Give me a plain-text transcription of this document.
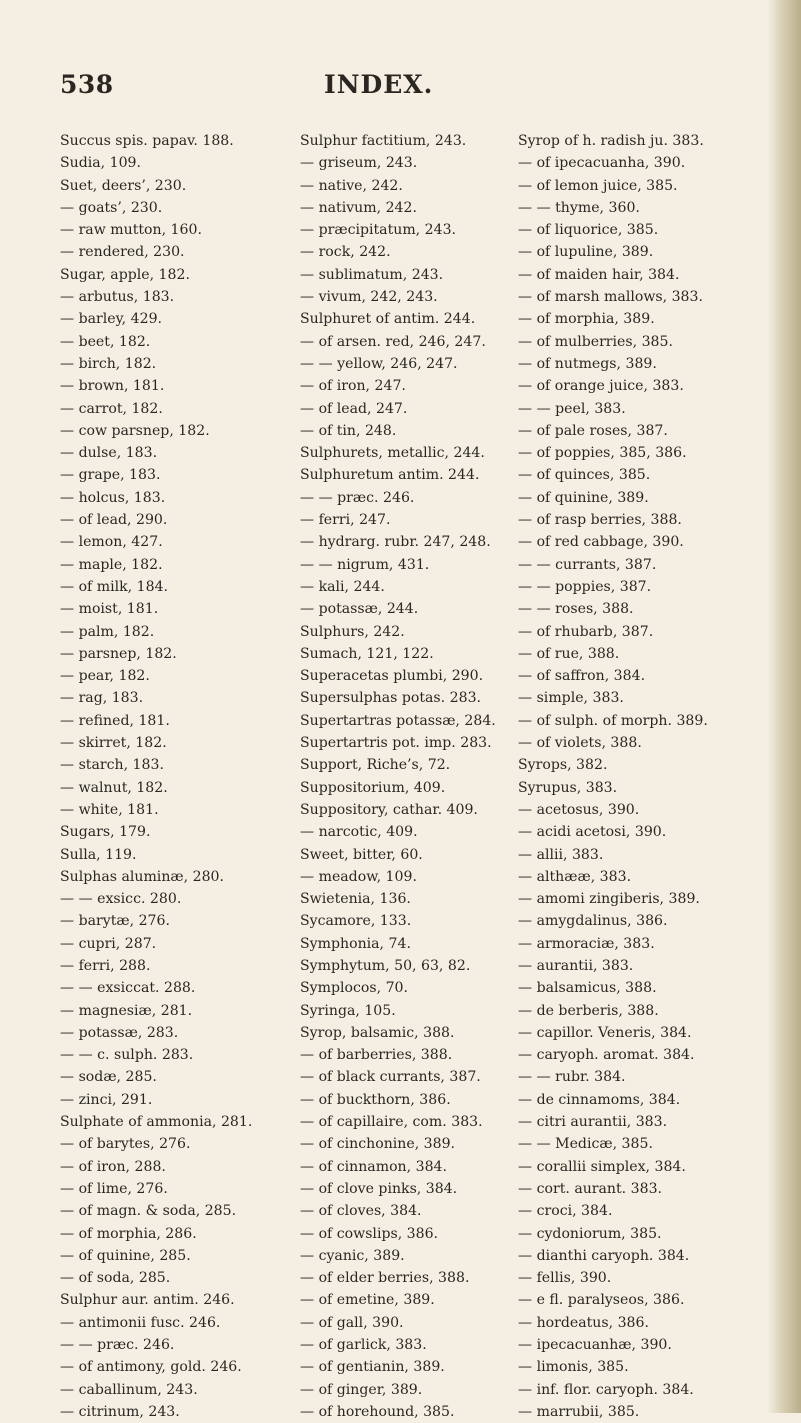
538	INDEX.
Succus spis. papav. 188.
Sudia, 109.
Suet, deers’, 230.
— goats’, 230.
— raw mutton, 160.
— rendered, 230.
Sugar, apple, 182.
— arbutus, 183.
— barley, 429.
— beet, 182.
— birch, 182.
— brown, 181.
— carrot, 182.
— cow parsnep, 182.
— dulse, 183.
— grape, 183.
— holcus, 183.
— of lead, 290.
— lemon, 427.
— maple, 182.
— of milk, 184.
— moist, 181.
— palm, 182.
— parsnep, 182.
— pear, 182.
— rag, 183.
— refined, 181.
— skirret, 182.
— starch, 183.
— walnut, 182.
— white, 181.
Sugars, 179.
Sulla, 119.
Sulphas aluminæ, 280.
— — exsicc. 280.
— barytæ, 276.
— cupri, 287.
— ferri, 288.
— — exsiccat. 288.
— magnesiæ, 281.
— potassæ, 283.
— — c. sulph. 283.
— sodæ, 285.
— zinci, 291.
Sulphate of ammonia, 281.
— of barytes, 276.
— of iron, 288.
— of lime, 276.
— of magn. & soda, 285.
— of morphia, 286.
— of quinine, 285.
— of soda, 285.
Sulphur aur. antim. 246.
— antimonii fusc. 246.
— — præc. 246.
— of antimony, gold. 246.
— caballinum, 243.
— citrinum, 243.
Sulphur factitium, 243.
— griseum, 243.
— native, 242.
— nativum, 242.
— præcipitatum, 243.
— rock, 242.
— sublimatum, 243.
— vivum, 242, 243.
Sulphuret of antim. 244.
— of arsen. red, 246, 247.
— — yellow, 246, 247.
— of iron, 247.
— of lead, 247.
— of tin, 248.
Sulphurets, metallic, 244.
Sulphuretum antim. 244.
— — præc. 246.
— ferri, 247.
— hydrarg. rubr. 247, 248.
— — nigrum, 431.
— kali, 244.
— potassæ, 244.
Sulphurs, 242.
Sumach, 121, 122.
Superacetas plumbi, 290.
Supersulphas potas. 283.
Supertartras potassæ, 284.
Supertartris pot. imp. 283.
Support, Riche’s, 72.
Suppositorium, 409.
Suppository, cathar. 409.
— narcotic, 409.
Sweet, bitter, 60.
— meadow, 109.
Swietenia, 136.
Sycamore, 133.
Symphonia, 74.
Symphytum, 50, 63, 82.
Symplocos, 70.
Syringa, 105.
Syrop, balsamic, 388.
— of barberries, 388.
— of black currants, 387.
— of buckthorn, 386.
— of capillaire, com. 383.
— of cinchonine, 389.
— of cinnamon, 384.
— of clove pinks, 384.
— of cloves, 384.
— of cowslips, 386.
— cyanic, 389.
— of elder berries, 388.
— of emetine, 389.
— of gall, 390.
— of garlick, 383.
— of gentianin, 389.
— of ginger, 389.
— of horehound, 385.
Syrop of h. radish ju. 383.
— of ipecacuanha, 390.
— of lemon juice, 385.
— — thyme, 360.
— of liquorice, 385.
— of lupuline, 389.
— of maiden hair, 384.
— of marsh mallows, 383.
— of morphia, 389.
— of mulberries, 385.
— of nutmegs, 389.
— of orange juice, 383.
— — peel, 383.
— of pale roses, 387.
— of poppies, 385, 386.
— of quinces, 385.
— of quinine, 389.
— of rasp berries, 388.
— of red cabbage, 390.
— — currants, 387.
— — poppies, 387.
— — roses, 388.
— of rhubarb, 387.
— of rue, 388.
— of saffron, 384.
— simple, 383.
— of sulph. of morph. 389.
— of violets, 388.
Syrops, 382.
Syrupus, 383.
— acetosus, 390.
— acidi acetosi, 390.
— allii, 383.
— althææ, 383.
— amomi zingiberis, 389.
— amygdalinus, 386.
— armoraciæ, 383.
— aurantii, 383.
— balsamicus, 388.
— de berberis, 388.
— capillor. Veneris, 384.
— caryoph. aromat. 384.
— — rubr. 384.
— de cinnamoms, 384.
— citri aurantii, 383.
— — Medicæ, 385.
— corallii simplex, 384.
— cort. aurant. 383.
— croci, 384.
— cydoniorum, 385.
— dianthi caryoph. 384.
— fellis, 390.
— e fl. paralyseos, 386.
— hordeatus, 386.
— ipecacuanhæ, 390.
— limonis, 385.
— inf. flor. caryoph. 384.
— marrubii, 385.
